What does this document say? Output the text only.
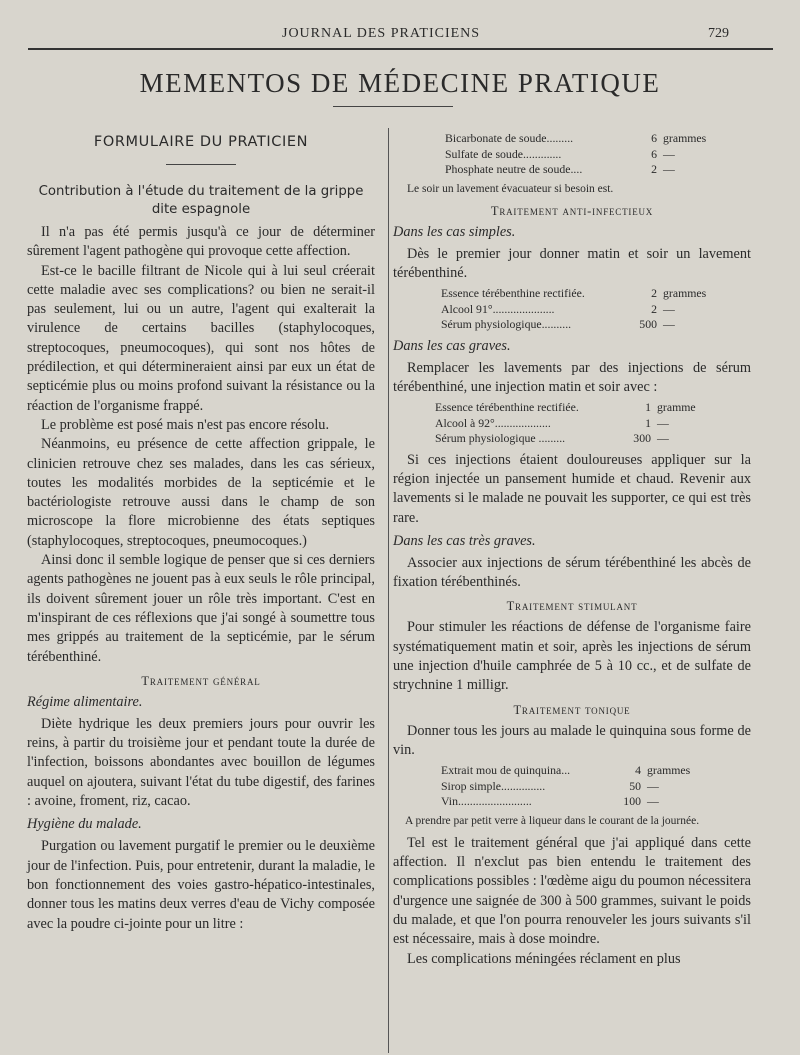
JOURNAL DES PRATICIENS	729
MEMENTOS DE MÉDECINE PRATIQUE
FORMULAIRE DU PRATICIEN
Contribution à l'étude du traitement de la grippe
dite espagnole

Il n'a pas été permis jusqu'à ce jour de déterminer sûrement l'agent pathogène qui provoque cette affection.

Est-ce le bacille filtrant de Nicole qui à lui seul créerait cette maladie avec ses complications? ou bien ne serait-il pas seulement, lui ou un autre, l'agent qui exalterait la virulence de certains bacilles (staphylocoques, streptocoques, pneumocoques), qui sont nos hôtes de prédilection, et qui détermineraient ainsi par eux un état de septicémie plus ou moins profond suivant la résistance ou la réaction de l'organisme frappé.

Le problème est posé mais n'est pas encore résolu.

Néanmoins, eu présence de cette affection grippale, le clinicien retrouve chez ses malades, dans les cas sérieux, toutes les modalités morbides de la septicémie et le bactériologiste retrouve aussi dans le champ de son microscope la flore microbienne des états septiques (staphylocoques, streptocoques, pneumocoques.)

Ainsi donc il semble logique de penser que si ces derniers agents pathogènes ne jouent pas à eux seuls le rôle principal, ils doivent sûrement jouer un rôle très important. C'est en m'inspirant de ces réflexions que j'ai songé à soumettre tous mes grippés au traitement de la septicémie, par le sérum térébenthiné.

Traitement général
Régime alimentaire.

Diète hydrique les deux premiers jours pour ouvrir les reins, à partir du troisième jour et pendant toute la durée de l'infection, boissons abondantes avec bouillon de légumes auquel on ajoutera, suivant l'état du tube digestif, des farines : avoine, froment, riz, cacao.

Hygiène du malade.

Purgation ou lavement purgatif le premier ou le deuxième jour de l'infection. Puis, pour entretenir, durant la maladie, le bon fonctionnement des voies gastro-hépatico-intestinales, donner tous les matins deux verres d'eau de Vichy composée avec la poudre ci-jointe pour un litre :

Bicarbonate de soude.........	6 grammes
Sulfate de soude.............	6 —
Phosphate neutre de soude....	2 —
Le soir un lavement évacuateur si besoin est.
Traitement anti-infectieux
Dans les cas simples.

Dès le premier jour donner matin et soir un lavement térébenthiné.

Essence térébenthine rectifiée.	2 grammes
Alcool 91°.....................	2 —
Sérum physiologique..........	500 —
Dans les cas graves.

Remplacer les lavements par des injections de sérum térébenthiné, une injection matin et soir avec :

Essence térébenthine rectifiée.	1 gramme
Alcool à 92°...................	1 —
Sérum physiologique .........	300 —

Si ces injections étaient douloureuses appliquer sur la région injectée un pansement humide et chaud. Revenir aux lavements si le malade ne pouvait les supporter, ce qui est très rare.

Dans les cas très graves.

Associer aux injections de sérum térébenthiné les abcès de fixation térébenthinés.

Traitement stimulant

Pour stimuler les réactions de défense de l'organisme faire systématiquement matin et soir, après les injections de sérum une injection d'huile camphrée de 5 à 10 cc., et de sulfate de strychnine 1 milligr.

Traitement tonique

Donner tous les jours au malade le quinquina sous forme de vin.

Extrait mou de quinquina...	4 grammes
Sirop simple...............	50 —
Vin.........................	100 —
A prendre par petit verre à liqueur dans le courant de la journée.

Tel est le traitement général que j'ai appliqué dans cette affection. Il n'exclut pas bien entendu le traitement des complications possibles : l'œdème aigu du poumon nécessitera d'urgence une saignée de 300 à 500 grammes, suivant le poids du malade, et que l'on pourra renouveler les jours suivants s'il est nécessaire, mais à dose moindre.

Les complications méningées réclament en plus
